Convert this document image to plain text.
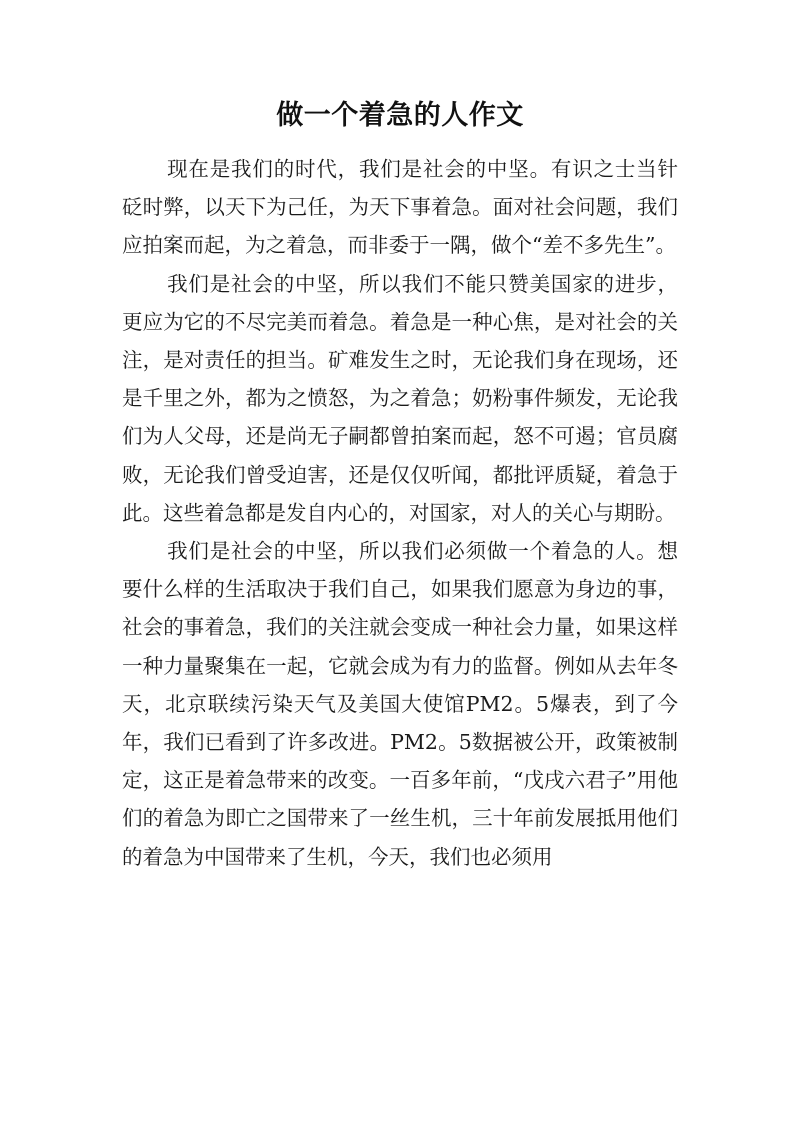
做一个着急的人作文

现在是我们的时代，我们是社会的中坚。有识之士当针砭时弊，以天下为己任，为天下事着急。面对社会问题，我们应拍案而起，为之着急，而非委于一隅，做个“差不多先生”。

我们是社会的中坚，所以我们不能只赞美国家的进步，更应为它的不尽完美而着急。着急是一种心焦，是对社会的关注，是对责任的担当。矿难发生之时，无论我们身在现场，还是千里之外，都为之愤怒，为之着急；奶粉事件频发，无论我们为人父母，还是尚无子嗣都曾拍案而起，怒不可遏；官员腐败，无论我们曾受迫害，还是仅仅听闻，都批评质疑，着急于此。这些着急都是发自内心的，对国家，对人的关心与期盼。

我们是社会的中坚，所以我们必须做一个着急的人。想要什么样的生活取决于我们自己，如果我们愿意为身边的事，社会的事着急，我们的关注就会变成一种社会力量，如果这样一种力量聚集在一起，它就会成为有力的监督。例如从去年冬天，北京联续污染天气及美国大使馆PM2。5爆表，到了今年，我们已看到了许多改进。PM2。5数据被公开，政策被制定，这正是着急带来的改变。一百多年前，“戊戌六君子”用他们的着急为即亡之国带来了一丝生机，三十年前发展抵用他们的着急为中国带来了生机，今天，我们也必须用
